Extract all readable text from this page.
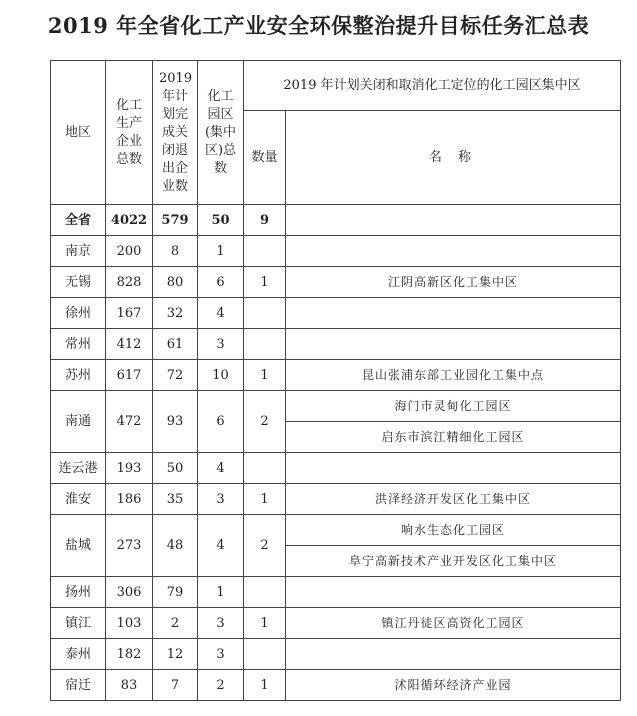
2019 年全省化工产业安全环保整治提升目标任务汇总表
地区	化工生产企业总数	2019年计划完成关闭退出企业数	化工园区(集中区)总数	2019 年计划关闭和取消化工定位的化工园区集中区	
				数量	名 称
全省	4022	579	50	9	
南京	200	8	1		
无锡	828	80	6	1	江阴高新区化工集中区
徐州	167	32	4		
常州	412	61	3		
苏州	617	72	10	1	昆山张浦东部工业园化工集中点
南通	472	93	6	2	海门市灵甸化工园区
					启东市滨江精细化工园区
连云港	193	50	4		
淮安	186	35	3	1	洪泽经济开发区化工集中区
盐城	273	48	4	2	响水生态化工园区
					阜宁高新技术产业开发区化工集中区
扬州	306	79	1		
镇江	103	2	3	1	镇江丹徒区高资化工园区
泰州	182	12	3		
宿迁	83	7	2	1	沭阳循环经济产业园
